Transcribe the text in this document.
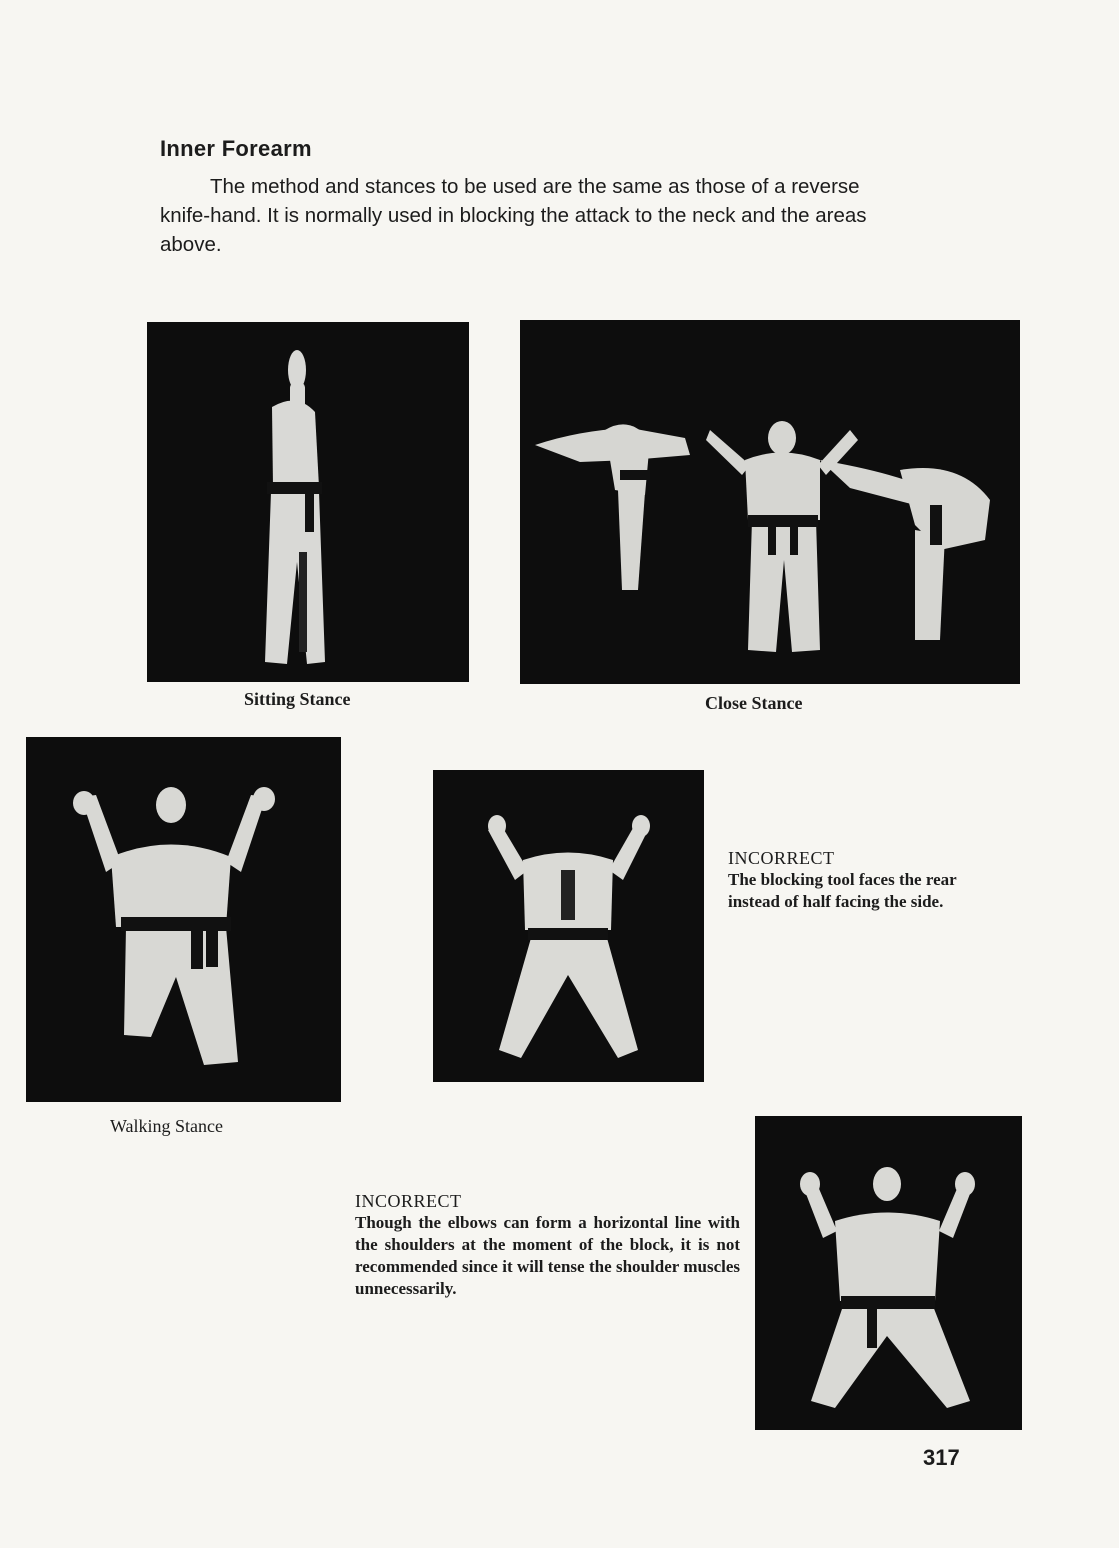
Inner Forearm

The method and stances to be used are the same as those of a reverse knife-hand. It is normally used in blocking the attack to the neck and the areas above.

Sitting Stance	Close Stance
Walking Stance
INCORRECT
The blocking tool faces the rear instead of half facing the side.
INCORRECT
Though the elbows can form a horizontal line with the shoulders at the moment of the block, it is not recommended since it will tense the shoulder muscles unnecessarily.
317
